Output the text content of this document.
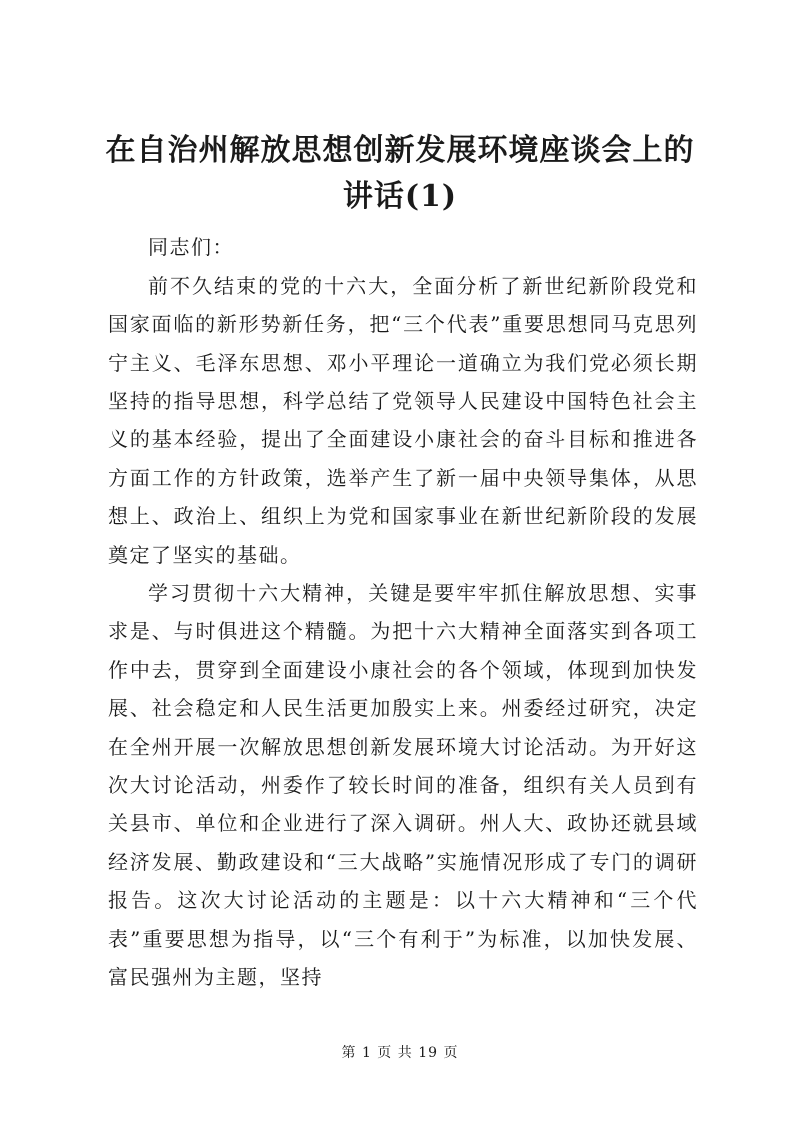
在自治州解放思想创新发展环境座谈会上的讲话(1)

同志们：

前不久结束的党的十六大，全面分析了新世纪新阶段党和国家面临的新形势新任务，把“三个代表”重要思想同马克思列宁主义、毛泽东思想、邓小平理论一道确立为我们党必须长期坚持的指导思想，科学总结了党领导人民建设中国特色社会主义的基本经验，提出了全面建设小康社会的奋斗目标和推进各方面工作的方针政策，选举产生了新一届中央领导集体，从思想上、政治上、组织上为党和国家事业在新世纪新阶段的发展奠定了坚实的基础。

学习贯彻十六大精神，关键是要牢牢抓住解放思想、实事求是、与时俱进这个精髓。为把十六大精神全面落实到各项工作中去，贯穿到全面建设小康社会的各个领域，体现到加快发展、社会稳定和人民生活更加殷实上来。州委经过研究，决定在全州开展一次解放思想创新发展环境大讨论活动。为开好这次大讨论活动，州委作了较长时间的准备，组织有关人员到有关县市、单位和企业进行了深入调研。州人大、政协还就县域经济发展、勤政建设和“三大战略”实施情况形成了专门的调研报告。这次大讨论活动的主题是：以十六大精神和“三个代表”重要思想为指导，以“三个有利于”为标准，以加快发展、富民强州为主题，坚持

第 1 页 共 19 页
